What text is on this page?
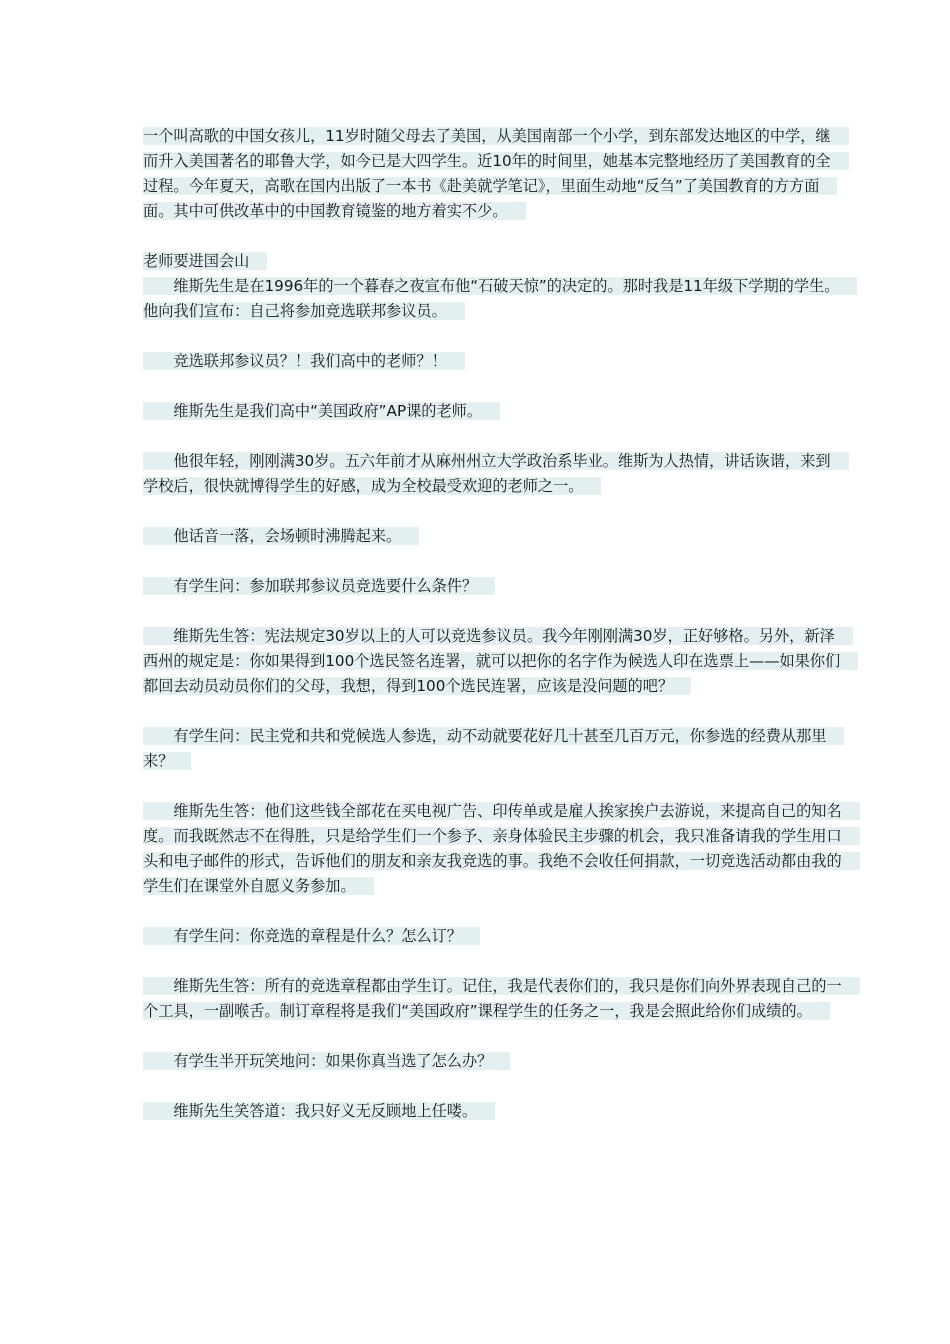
一个叫高歌的中国女孩儿，11岁时随父母去了美国，从美国南部一个小学，到东部发达地区的中学，继而升入美国著名的耶鲁大学，如今已是大四学生。近10年的时间里，她基本完整地经历了美国教育的全过程。今年夏天，高歌在国内出版了一本书《赴美就学笔记》，里面生动地“反刍”了美国教育的方方面面。其中可供改革中的中国教育镜鉴的地方着实不少。

老师要进国会山

　　维斯先生是在1996年的一个暮春之夜宣布他“石破天惊”的决定的。那时我是11年级下学期的学生。他向我们宣布：自己将参加竞选联邦参议员。

　　竞选联邦参议员？！我们高中的老师？！

　　维斯先生是我们高中“美国政府”AP课的老师。

　　他很年轻，刚刚满30岁。五六年前才从麻州州立大学政治系毕业。维斯为人热情，讲话诙谐，来到学校后，很快就博得学生的好感，成为全校最受欢迎的老师之一。

　　他话音一落，会场顿时沸腾起来。

　　有学生问：参加联邦参议员竞选要什么条件？

　　维斯先生答：宪法规定30岁以上的人可以竞选参议员。我今年刚刚满30岁，正好够格。另外，新泽西州的规定是：你如果得到100个选民签名连署，就可以把你的名字作为候选人印在选票上——如果你们都回去动员动员你们的父母，我想，得到100个选民连署，应该是没问题的吧？

　　有学生问：民主党和共和党候选人参选，动不动就要花好几十甚至几百万元，你参选的经费从那里来？

　　维斯先生答：他们这些钱全部花在买电视广告、印传单或是雇人挨家挨户去游说，来提高自己的知名度。而我既然志不在得胜，只是给学生们一个参予、亲身体验民主步骤的机会，我只准备请我的学生用口头和电子邮件的形式，告诉他们的朋友和亲友我竞选的事。我绝不会收任何捐款，一切竞选活动都由我的学生们在课堂外自愿义务参加。

　　有学生问：你竞选的章程是什么？怎么订？

　　维斯先生答：所有的竞选章程都由学生订。记住，我是代表你们的，我只是你们向外界表现自己的一个工具，一副喉舌。制订章程将是我们“美国政府”课程学生的任务之一，我是会照此给你们成绩的。

　　有学生半开玩笑地问：如果你真当选了怎么办？

　　维斯先生笑答道：我只好义无反顾地上任喽。
